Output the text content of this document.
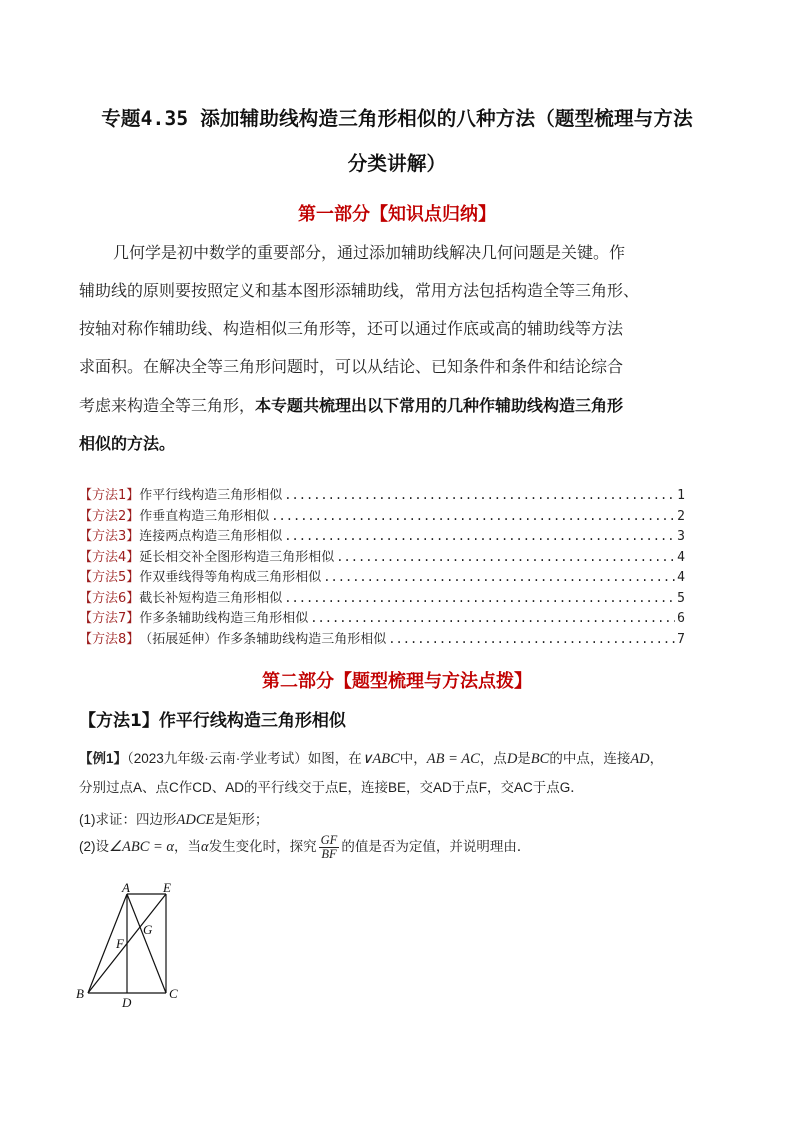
专题4.35 添加辅助线构造三角形相似的八种方法（题型梳理与方法
分类讲解）
第一部分【知识点归纳】
几何学是初中数学的重要部分，通过添加辅助线解决几何问题是关键。作
辅助线的原则要按照定义和基本图形添辅助线，常用方法包括构造全等三角形、
按轴对称作辅助线、构造相似三角形等，还可以通过作底或高的辅助线等方法
求面积。在解决全等三角形问题时，可以从结论、已知条件和条件和结论综合
考虑来构造全等三角形，本专题共梳理出以下常用的几种作辅助线构造三角形
相似的方法。
【方法1】 作平行线构造三角形相似 .....	1
【方法2】 作垂直构造三角形相似 .....	2
【方法3】 连接两点构造三角形相似 .....	3
【方法4】 延长相交补全图形构造三角形相似 .....	4
【方法5】 作双垂线得等角构成三角形相似 .....	4
【方法6】 截长补短构造三角形相似 .....	5
【方法7】 作多条辅助线构造三角形相似 .....	6
【方法8】 （拓展延伸）作多条辅助线构造三角形相似 .....	7
第二部分【题型梳理与方法点拨】
【方法1】作平行线构造三角形相似
【例1】（2023九年级·云南·学业考试）如图，在∨ABC中，AB = AC，点D是BC的中点，连接AD，
分别过点A、点C作CD、AD的平行线交于点E，连接BE，交AD于点F，交AC于点G．
(1)求证：四边形ADCE是矩形；
(2)设∠ABC = α，当α发生变化时，探究 $\frac{GF}{BF}$ 的值是否为定值，并说明理由．
A	E
F
G
B
D
C
